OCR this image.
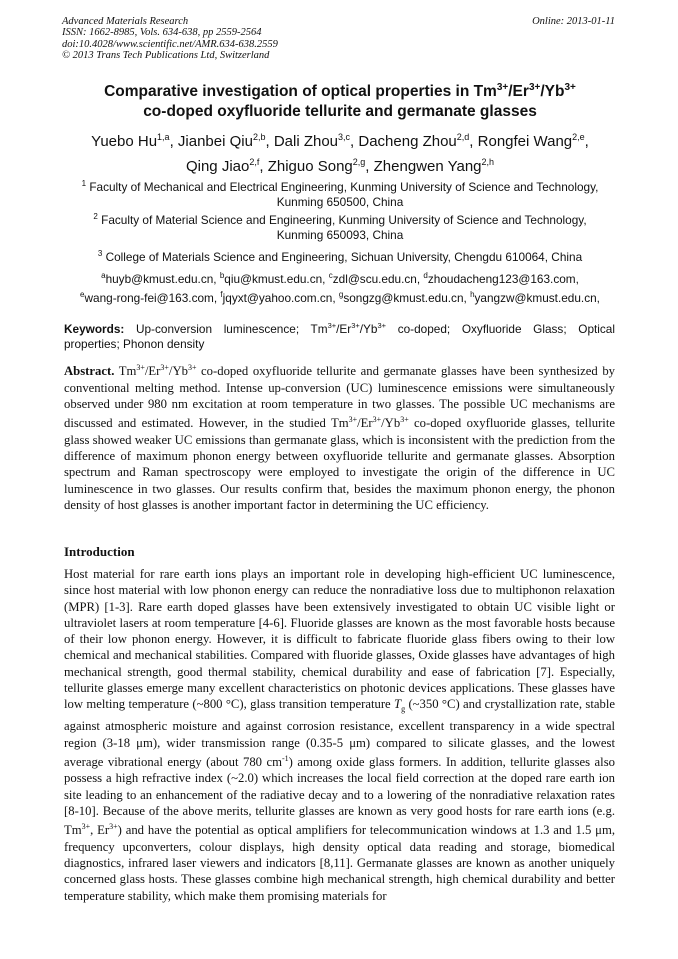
Advanced Materials Research
ISSN: 1662-8985, Vols. 634-638, pp 2559-2564
doi:10.4028/www.scientific.net/AMR.634-638.2559
© 2013 Trans Tech Publications Ltd, Switzerland
Online: 2013-01-11
Comparative investigation of optical properties in $Tm^{3+}/Er^{3+}/Yb^{3+}$
co-doped oxyfluoride tellurite and germanate glasses
Yuebo Hu$^{1,a}$, Jianbei Qiu$^{2,b}$, Dali Zhou$^{3,c}$, Dacheng Zhou$^{2,d}$, Rongfei Wang$^{2,e}$,
Qing Jiao$^{2,f}$, Zhiguo Song$^{2,g}$, Zhengwen Yang$^{2,h}$
$^1$ Faculty of Mechanical and Electrical Engineering, Kunming University of Science and Technology,
Kunming 650500, China
$^2$ Faculty of Material Science and Engineering, Kunming University of Science and Technology,
Kunming 650093, China
$^3$ College of Materials Science and Engineering, Sichuan University, Chengdu 610064, China
$^a$huyb@kmust.edu.cn, $^b$qiu@kmust.edu.cn, $^c$zdl@scu.edu.cn, $^d$zhoudacheng123@163.com,
$^e$wang-rong-fei@163.com, $^f$jqyxt@yahoo.com.cn, $^g$songzg@kmust.edu.cn, $^h$yangzw@kmust.edu.cn,
Keywords: Up-conversion luminescence; $Tm^{3+}/Er^{3+}/Yb^{3+}$ co-doped; Oxyfluoride Glass; Optical properties; Phonon density
Abstract. $Tm^{3+}/Er^{3+}/Yb^{3+}$ co-doped oxyfluoride tellurite and germanate glasses have been synthesized by conventional melting method. Intense up-conversion (UC) luminescence emissions were simultaneously observed under 980 nm excitation at room temperature in two glasses. The possible UC mechanisms are discussed and estimated. However, in the studied $Tm^{3+}/Er^{3+}/Yb^{3+}$ co-doped oxyfluoride glasses, tellurite glass showed weaker UC emissions than germanate glass, which is inconsistent with the prediction from the difference of maximum phonon energy between oxyfluoride tellurite and germanate glasses. Absorption spectrum and Raman spectroscopy were employed to investigate the origin of the difference in UC luminescence in two glasses. Our results confirm that, besides the maximum phonon energy, the phonon density of host glasses is another important factor in determining the UC efficiency.
Introduction
Host material for rare earth ions plays an important role in developing high-efficient UC luminescence, since host material with low phonon energy can reduce the nonradiative loss due to multiphonon relaxation (MPR) [1-3]. Rare earth doped glasses have been extensively investigated to obtain UC visible light or ultraviolet lasers at room temperature [4-6]. Fluoride glasses are known as the most favorable hosts because of their low phonon energy. However, it is difficult to fabricate fluoride glass fibers owing to their low chemical and mechanical stabilities. Compared with fluoride glasses, Oxide glasses have advantages of high mechanical strength, good thermal stability, chemical durability and ease of fabrication [7]. Especially, tellurite glasses emerge many excellent characteristics on photonic devices applications. These glasses have low melting temperature (~800 °C), glass transition temperature $T_g$ (~350 °C) and crystallization rate, stable against atmospheric moisture and against corrosion resistance, excellent transparency in a wide spectral region (3-18 μm), wider transmission range (0.35-5 μm) compared to silicate glasses, and the lowest average vibrational energy (about 780 $cm^{-1}$) among oxide glass formers. In addition, tellurite glasses also possess a high refractive index (~2.0) which increases the local field correction at the doped rare earth ion site leading to an enhancement of the radiative decay and to a lowering of the nonradiative relaxation rates [8-10]. Because of the above merits, tellurite glasses are known as very good hosts for rare earth ions (e.g. $Tm^{3+}$, $Er^{3+}$) and have the potential as optical amplifiers for telecommunication windows at 1.3 and 1.5 μm, frequency upconverters, colour displays, high density optical data reading and storage, biomedical diagnostics, infrared laser viewers and indicators [8,11]. Germanate glasses are known as another uniquely concerned glass hosts. These glasses combine high mechanical strength, high chemical durability and better temperature stability, which make them promising materials for
